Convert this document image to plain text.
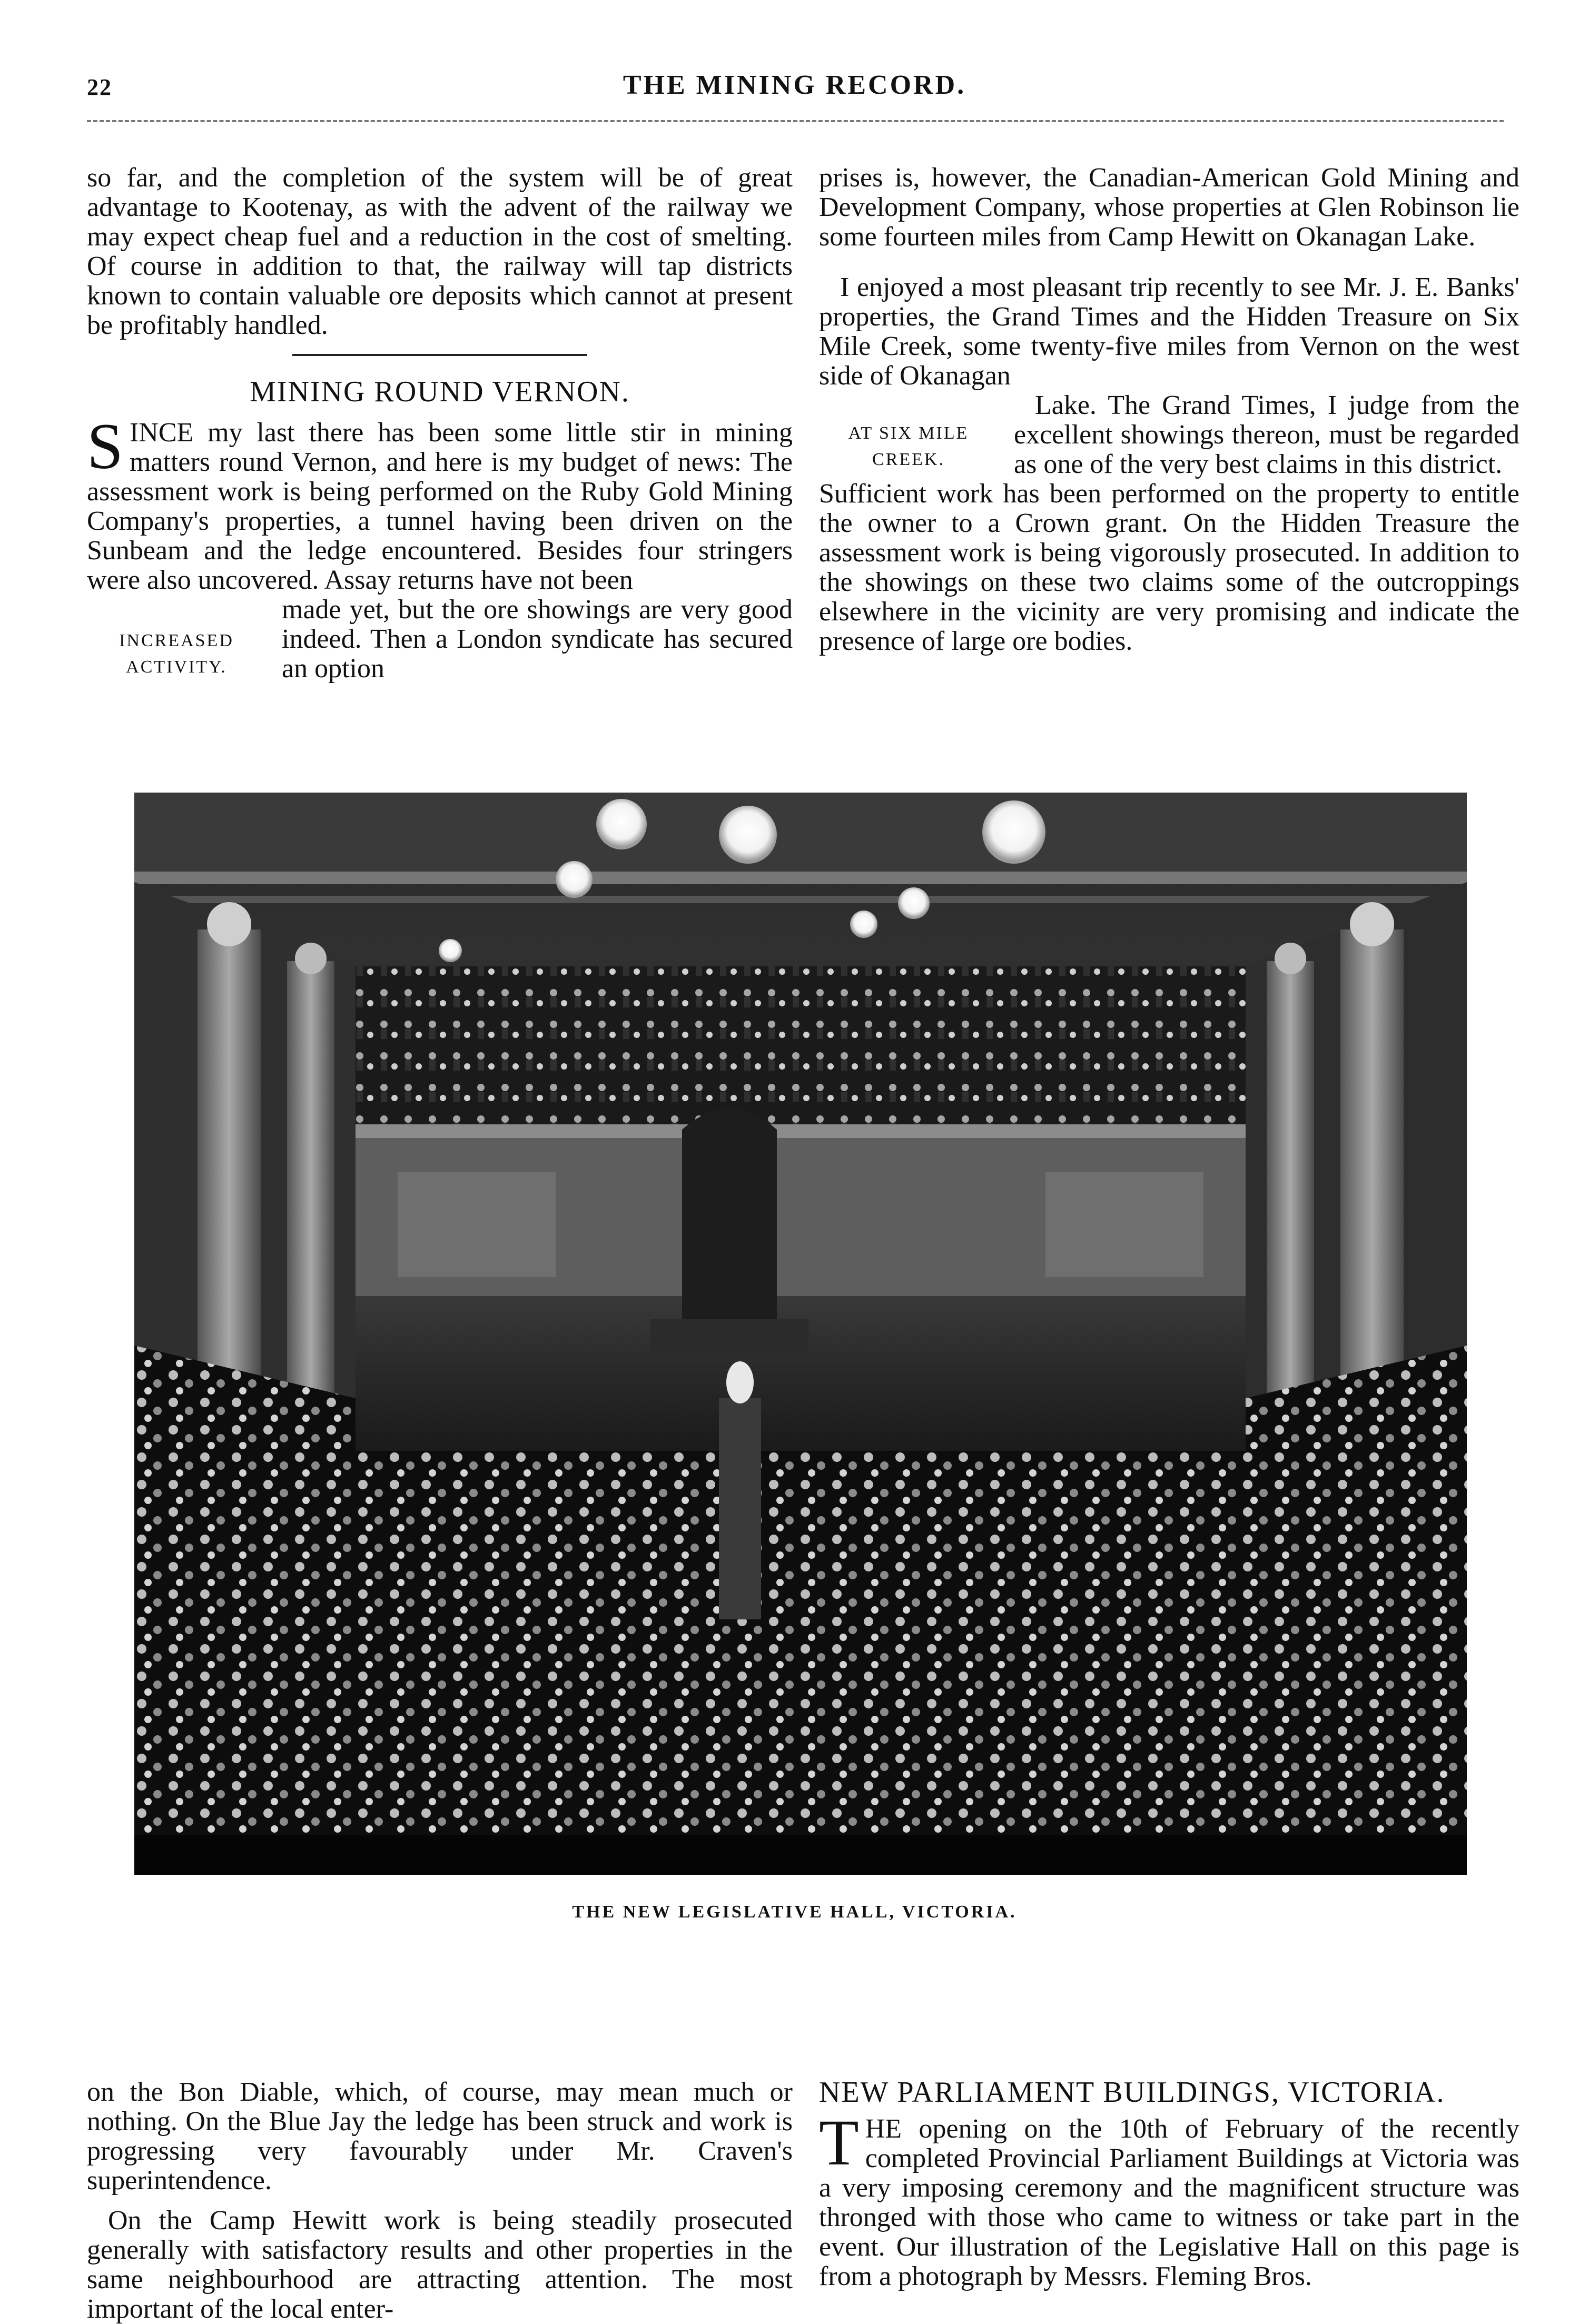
22	THE MINING RECORD.

so far, and the completion of the system will be of great advantage to Kootenay, as with the advent of the railway we may expect cheap fuel and a reduction in the cost of smelting. Of course in addition to that, the railway will tap districts known to contain valuable ore deposits which cannot at present be profitably handled.

MINING ROUND VERNON.

SINCE my last there has been some little stir in mining matters round Vernon, and here is my budget of news: The assessment work is being performed on the Ruby Gold Mining Company's properties, a tunnel having been driven on the Sunbeam and the ledge encountered. Besides four stringers were also uncovered. Assay returns have not been

INCREASED
ACTIVITY.

made yet, but the ore showings are very good indeed. Then a London syndicate has secured an option

prises is, however, the Canadian-American Gold Mining and Development Company, whose properties at Glen Robinson lie some fourteen miles from Camp Hewitt on Okanagan Lake.

I enjoyed a most pleasant trip recently to see Mr. J. E. Banks' properties, the Grand Times and the Hidden Treasure on Six Mile Creek, some twenty-five miles from Vernon on the west side of Okanagan

AT SIX MILE
CREEK.

Lake. The Grand Times, I judge from the excellent showings thereon, must be regarded as one of the very best claims in this district.

Sufficient work has been performed on the property to entitle the owner to a Crown grant. On the Hidden Treasure the assessment work is being vigorously prosecuted. In addition to the showings on these two claims some of the outcroppings elsewhere in the vicinity are very promising and indicate the presence of large ore bodies.

THE NEW LEGISLATIVE HALL, VICTORIA.

on the Bon Diable, which, of course, may mean much or nothing. On the Blue Jay the ledge has been struck and work is progressing very favourably under Mr. Craven's superintendence.

On the Camp Hewitt work is being steadily prosecuted generally with satisfactory results and other properties in the same neighbourhood are attracting attention. The most important of the local enter-

NEW PARLIAMENT BUILDINGS, VICTORIA.

THE opening on the 10th of February of the recently completed Provincial Parliament Buildings at Victoria was a very imposing ceremony and the magnificent structure was thronged with those who came to witness or take part in the event. Our illustration of the Legislative Hall on this page is from a photograph by Messrs. Fleming Bros.
